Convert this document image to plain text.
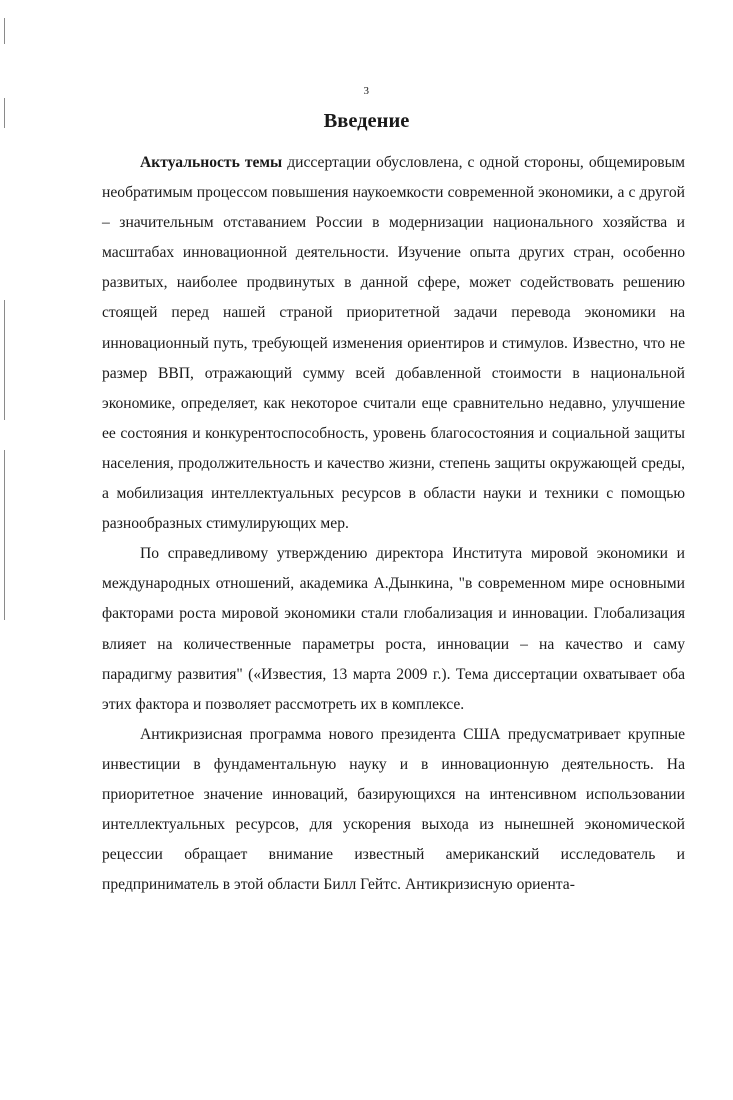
3
Введение

Актуальность темы диссертации обусловлена, с одной стороны, общемировым необратимым процессом повышения наукоемкости современной экономики, а с другой – значительным отставанием России в модернизации национального хозяйства и масштабах инновационной деятельности. Изучение опыта других стран, особенно развитых, наиболее продвинутых в данной сфере, может содействовать решению стоящей перед нашей страной приоритетной задачи перевода экономики на инновационный путь, требующей изменения ориентиров и стимулов. Известно, что не размер ВВП, отражающий сумму всей добавленной стоимости в национальной экономике, определяет, как некоторое считали еще сравнительно недавно, улучшение ее состояния и конкурентоспособность, уровень благосостояния и социальной защиты населения, продолжительность и качество жизни, степень защиты окружающей среды, а мобилизация интеллектуальных ресурсов в области науки и техники с помощью разнообразных стимулирующих мер.

По справедливому утверждению директора Института мировой экономики и международных отношений, академика А.Дынкина, "в современном мире основными факторами роста мировой экономики стали глобализация и инновации. Глобализация влияет на количественные параметры роста, инновации – на качество и саму парадигму развития" («Известия, 13 марта 2009 г.). Тема диссертации охватывает оба этих фактора и позволяет рассмотреть их в комплексе.

Антикризисная программа нового президента США предусматривает крупные инвестиции в фундаментальную науку и в инновационную деятельность. На приоритетное значение инноваций, базирующихся на интенсивном использовании интеллектуальных ресурсов, для ускорения выхода из нынешней экономической рецессии обращает внимание известный американский исследователь и предприниматель в этой области Билл Гейтс. Антикризисную ориента-
